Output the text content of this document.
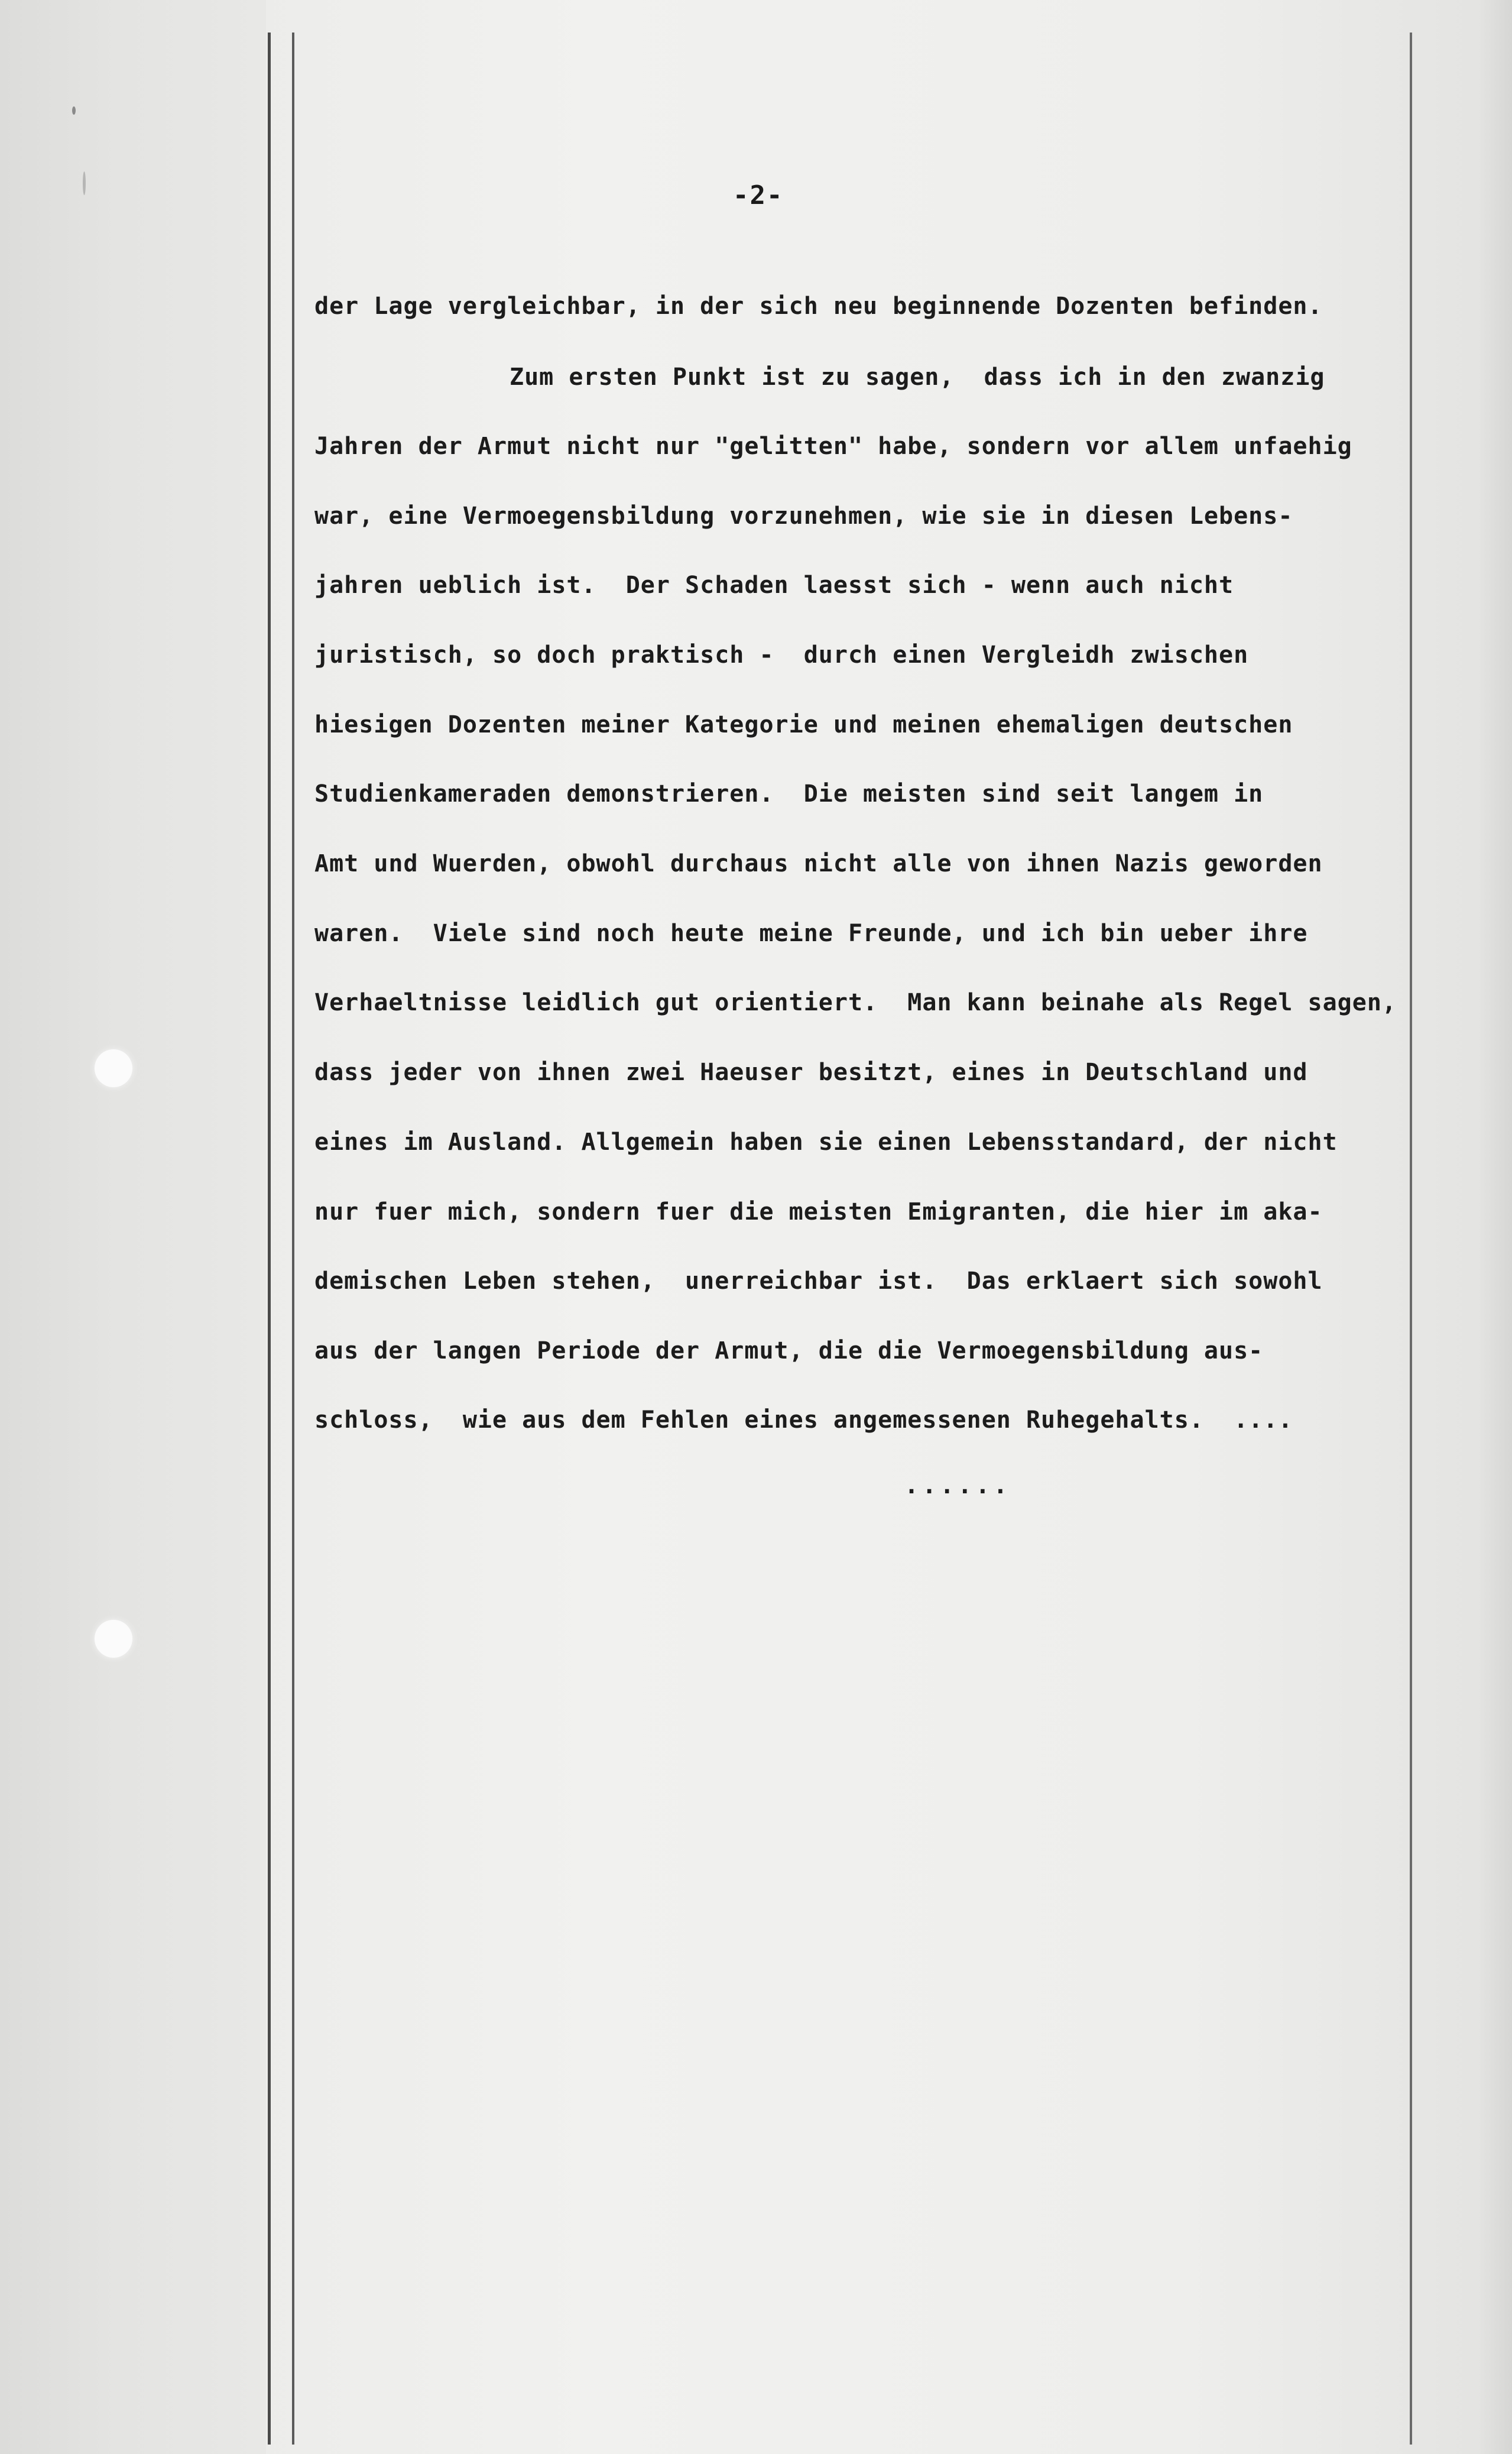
-2-
der Lage vergleichbar, in der sich neu beginnende Dozenten befinden.
Zum ersten Punkt ist zu sagen,  dass ich in den zwanzig
Jahren der Armut nicht nur "gelitten" habe, sondern vor allem unfaehig
war, eine Vermoegensbildung vorzunehmen, wie sie in diesen Lebens-
jahren ueblich ist.  Der Schaden laesst sich - wenn auch nicht
juristisch, so doch praktisch -  durch einen Vergleidh zwischen
hiesigen Dozenten meiner Kategorie und meinen ehemaligen deutschen
Studienkameraden demonstrieren.  Die meisten sind seit langem in
Amt und Wuerden, obwohl durchaus nicht alle von ihnen Nazis geworden
waren.  Viele sind noch heute meine Freunde, und ich bin ueber ihre
Verhaeltnisse leidlich gut orientiert.  Man kann beinahe als Regel sagen,
dass jeder von ihnen zwei Haeuser besitzt, eines in Deutschland und
eines im Ausland. Allgemein haben sie einen Lebensstandard, der nicht
nur fuer mich, sondern fuer die meisten Emigranten, die hier im aka-
demischen Leben stehen,  unerreichbar ist.  Das erklaert sich sowohl
aus der langen Periode der Armut, die die Vermoegensbildung aus-
schloss,  wie aus dem Fehlen eines angemessenen Ruhegehalts.  ....
......
